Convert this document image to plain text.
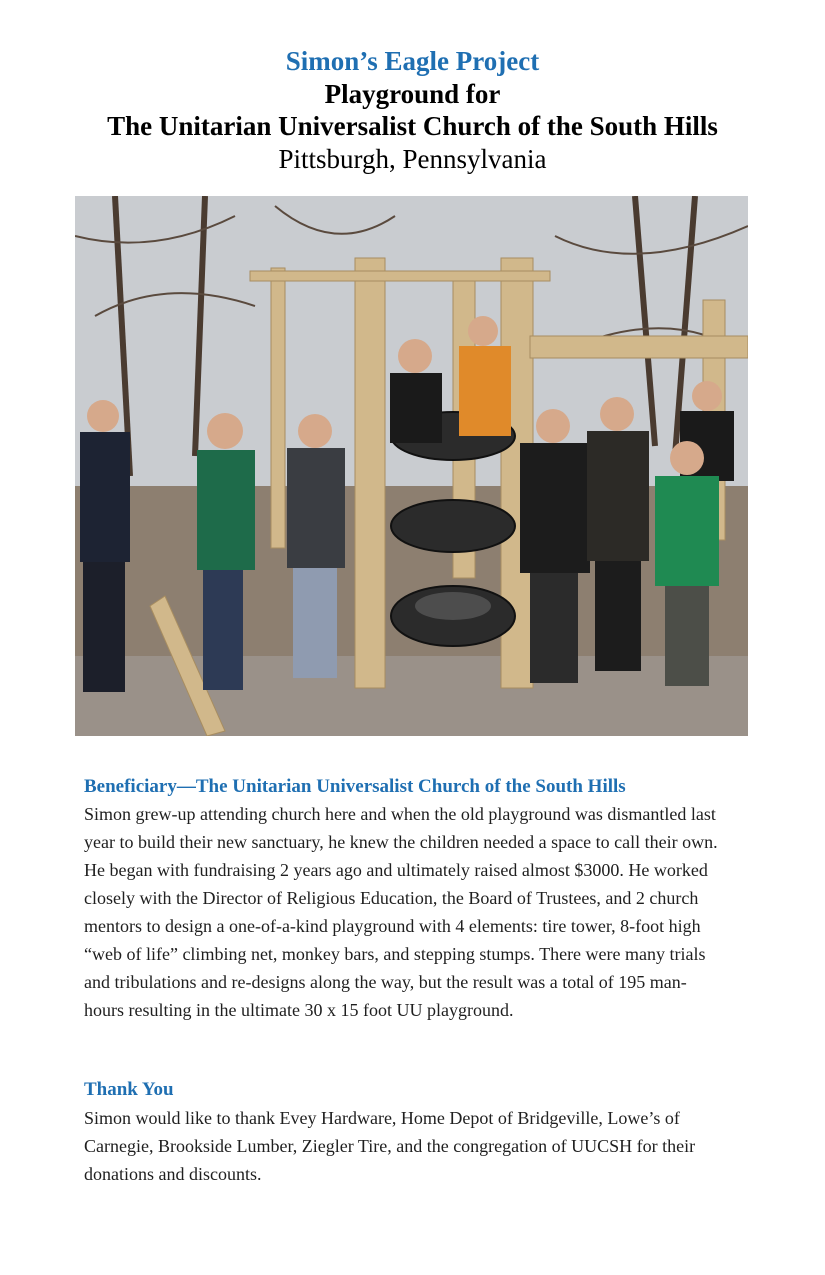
Simon’s Eagle Project
Playground for
The Unitarian Universalist Church of the South Hills
Pittsburgh, Pennsylvania
Beneficiary—The Unitarian Universalist Church of the South Hills
Simon grew-up attending church here and when the old playground was dismantled last
year to build their new sanctuary, he knew the children needed a space to call their own.
He began with fundraising 2 years ago and ultimately raised almost $3000. He worked
closely with the Director of Religious Education, the Board of Trustees, and 2 church
mentors to design a one-of-a-kind playground with 4 elements: tire tower, 8-foot high
“web of life” climbing net, monkey bars, and stepping stumps. There were many trials
and tribulations and re-designs along the way, but the result was a total of 195 man-
hours resulting in the ultimate 30 x 15 foot UU playground.
Thank You
Simon would like to thank Evey Hardware, Home Depot of Bridgeville, Lowe’s of
Carnegie, Brookside Lumber, Ziegler Tire, and the congregation of UUCSH for their
donations and discounts.
